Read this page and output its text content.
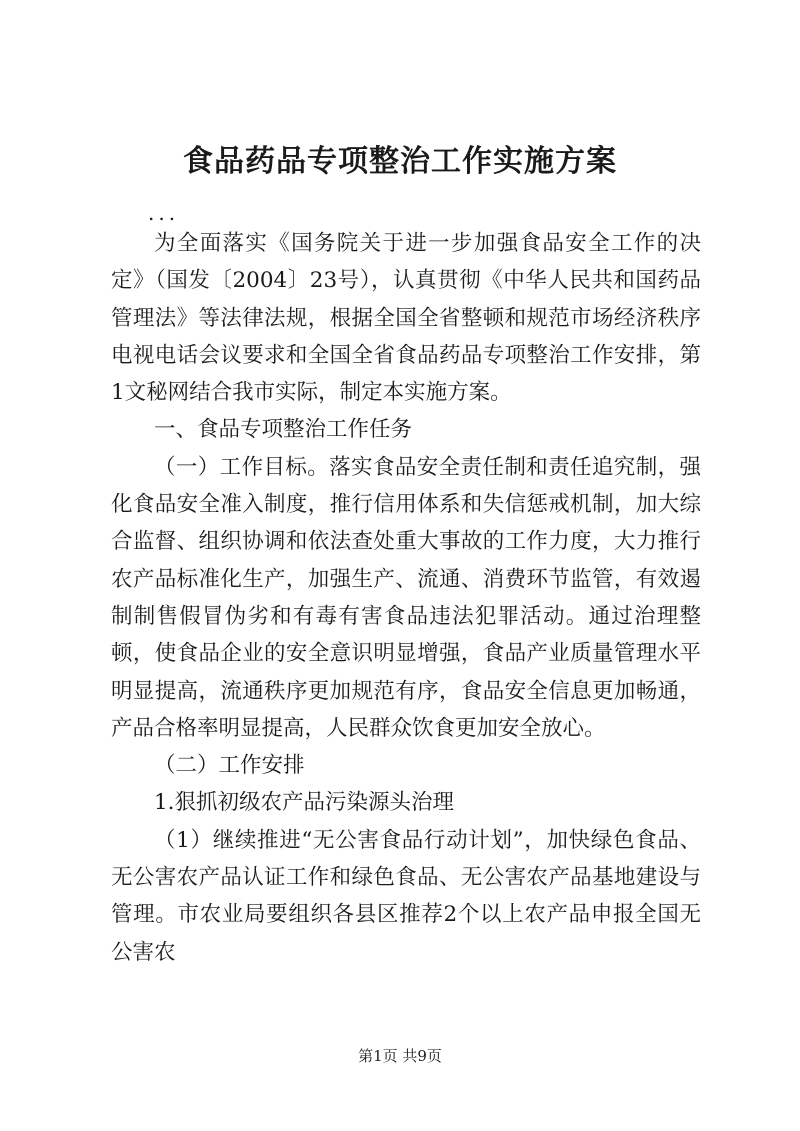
食品药品专项整治工作实施方案
...

为全面落实《国务院关于进一步加强食品安全工作的决定》（国发〔2004〕23号），认真贯彻《中华人民共和国药品管理法》等法律法规，根据全国全省整顿和规范市场经济秩序电视电话会议要求和全国全省食品药品专项整治工作安排，第1文秘网结合我市实际，制定本实施方案。

一、食品专项整治工作任务

（一）工作目标。落实食品安全责任制和责任追究制，强化食品安全准入制度，推行信用体系和失信惩戒机制，加大综合监督、组织协调和依法查处重大事故的工作力度，大力推行农产品标准化生产，加强生产、流通、消费环节监管，有效遏制制售假冒伪劣和有毒有害食品违法犯罪活动。通过治理整顿，使食品企业的安全意识明显增强，食品产业质量管理水平明显提高，流通秩序更加规范有序，食品安全信息更加畅通，产品合格率明显提高，人民群众饮食更加安全放心。

（二）工作安排

1.狠抓初级农产品污染源头治理

（1）继续推进“无公害食品行动计划”，加快绿色食品、无公害农产品认证工作和绿色食品、无公害农产品基地建设与管理。市农业局要组织各县区推荐2个以上农产品申报全国无公害农

第1页 共9页
